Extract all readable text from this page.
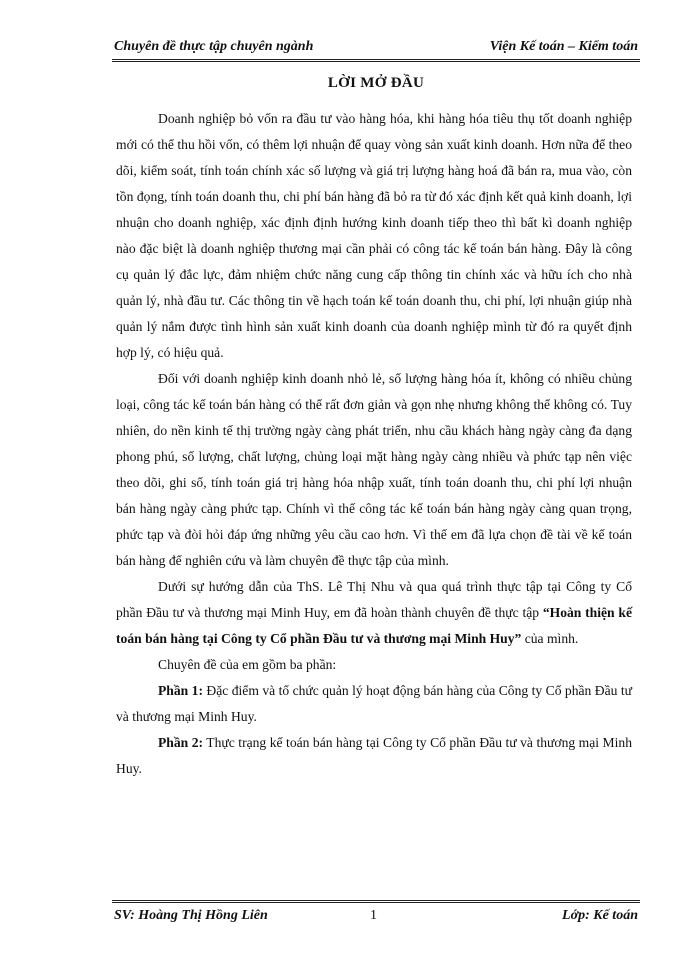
Chuyên đề thực tập chuyên ngành	Viện Kế toán – Kiểm toán
LỜI MỞ ĐẦU

Doanh nghiệp bỏ vốn ra đầu tư vào hàng hóa, khi hàng hóa tiêu thụ tốt doanh nghiệp mới có thể thu hồi vốn, có thêm lợi nhuận để quay vòng sản xuất kinh doanh. Hơn nữa để theo dõi, kiểm soát, tính toán chính xác số lượng và giá trị lượng hàng hoá đã bán ra, mua vào, còn tồn đọng, tính toán doanh thu, chi phí bán hàng đã bỏ ra từ đó xác định kết quả kinh doanh, lợi nhuận cho doanh nghiệp, xác định định hướng kinh doanh tiếp theo thì bất kì doanh nghiệp nào đặc biệt là doanh nghiệp thương mại cần phải có công tác kế toán bán hàng. Đây là công cụ quản lý đắc lực, đảm nhiệm chức năng cung cấp thông tin chính xác và hữu ích cho nhà quản lý, nhà đầu tư. Các thông tin về hạch toán kế toán doanh thu, chi phí, lợi nhuận giúp nhà quản lý nắm được tình hình sản xuất kinh doanh của doanh nghiệp mình từ đó ra quyết định hợp lý, có hiệu quả.

Đối với doanh nghiệp kinh doanh nhỏ lẻ, số lượng hàng hóa ít, không có nhiều chủng loại, công tác kế toán bán hàng có thể rất đơn giản và gọn nhẹ nhưng không thể không có. Tuy nhiên, do nền kinh tế thị trường ngày càng phát triển, nhu cầu khách hàng ngày càng đa dạng phong phú, số lượng, chất lượng, chủng loại mặt hàng ngày càng nhiều và phức tạp nên việc theo dõi, ghi sổ, tính toán giá trị hàng hóa nhập xuất, tính toán doanh thu, chi phí lợi nhuận bán hàng ngày càng phức tạp. Chính vì thế công tác kế toán bán hàng ngày càng quan trọng, phức tạp và đòi hỏi đáp ứng những yêu cầu cao hơn. Vì thế em đã lựa chọn đề tài về kế toán bán hàng để nghiên cứu và làm chuyên đề thực tập của mình.

Dưới sự hướng dẫn của ThS. Lê Thị Nhu và qua quá trình thực tập tại Công ty Cổ phần Đầu tư và thương mại Minh Huy, em đã hoàn thành chuyên đề thực tập “Hoàn thiện kế toán bán hàng tại Công ty Cổ phần Đầu tư và thương mại Minh Huy” của mình.

Chuyên đề của em gồm ba phần:

Phần 1: Đặc điểm và tổ chức quản lý hoạt động bán hàng của Công ty Cổ phần Đầu tư và thương mại Minh Huy.

Phần 2: Thực trạng kế toán bán hàng tại Công ty Cổ phần Đầu tư và thương mại Minh Huy.

SV: Hoàng Thị Hồng Liên	1	Lớp: Kế toán
